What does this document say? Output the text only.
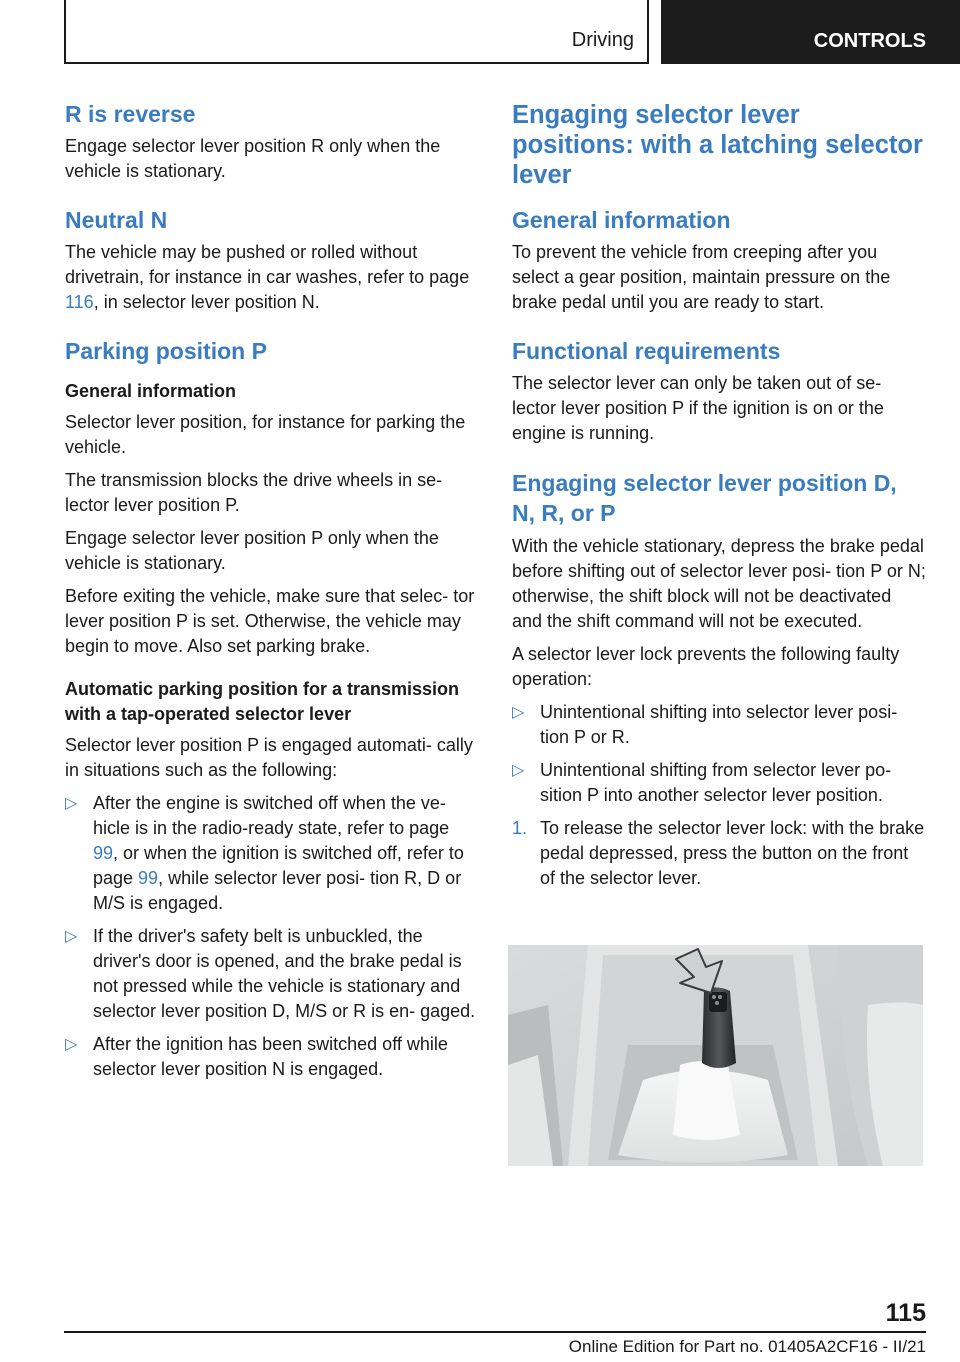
Driving	CONTROLS
R is reverse

Engage selector lever position R only when the vehicle is stationary.

Neutral N

The vehicle may be pushed or rolled without drivetrain, for instance in car washes, refer to page 116, in selector lever position N.

Parking position P
General information

Selector lever position, for instance for parking the vehicle.

The transmission blocks the drive wheels in se‐ lector lever position P.

Engage selector lever position P only when the vehicle is stationary.

Before exiting the vehicle, make sure that selec‐ tor lever position P is set. Otherwise, the vehicle may begin to move. Also set parking brake.

Automatic parking position for a transmission with a tap-operated selector lever

Selector lever position P is engaged automati‐ cally in situations such as the following:

▷ After the engine is switched off when the ve‐ hicle is in the radio-ready state, refer to page 99, or when the ignition is switched off, refer to page 99, while selector lever posi‐ tion R, D or M/S is engaged.
▷ If the driver's safety belt is unbuckled, the driver's door is opened, and the brake pedal is not pressed while the vehicle is stationary and selector lever position D, M/S or R is en‐ gaged.
▷ After the ignition has been switched off while selector lever position N is engaged.
Engaging selector lever positions: with a latching selector lever
General information

To prevent the vehicle from creeping after you select a gear position, maintain pressure on the brake pedal until you are ready to start.

Functional requirements

The selector lever can only be taken out of se‐ lector lever position P if the ignition is on or the engine is running.

Engaging selector lever position D, N, R, or P

With the vehicle stationary, depress the brake pedal before shifting out of selector lever posi‐ tion P or N; otherwise, the shift block will not be deactivated and the shift command will not be executed.

A selector lever lock prevents the following faulty operation:

▷ Unintentional shifting into selector lever posi‐ tion P or R.
▷ Unintentional shifting from selector lever po‐ sition P into another selector lever position.
1. To release the selector lever lock: with the brake pedal depressed, press the button on the front of the selector lever.
115
Online Edition for Part no. 01405A2CF16 - II/21
